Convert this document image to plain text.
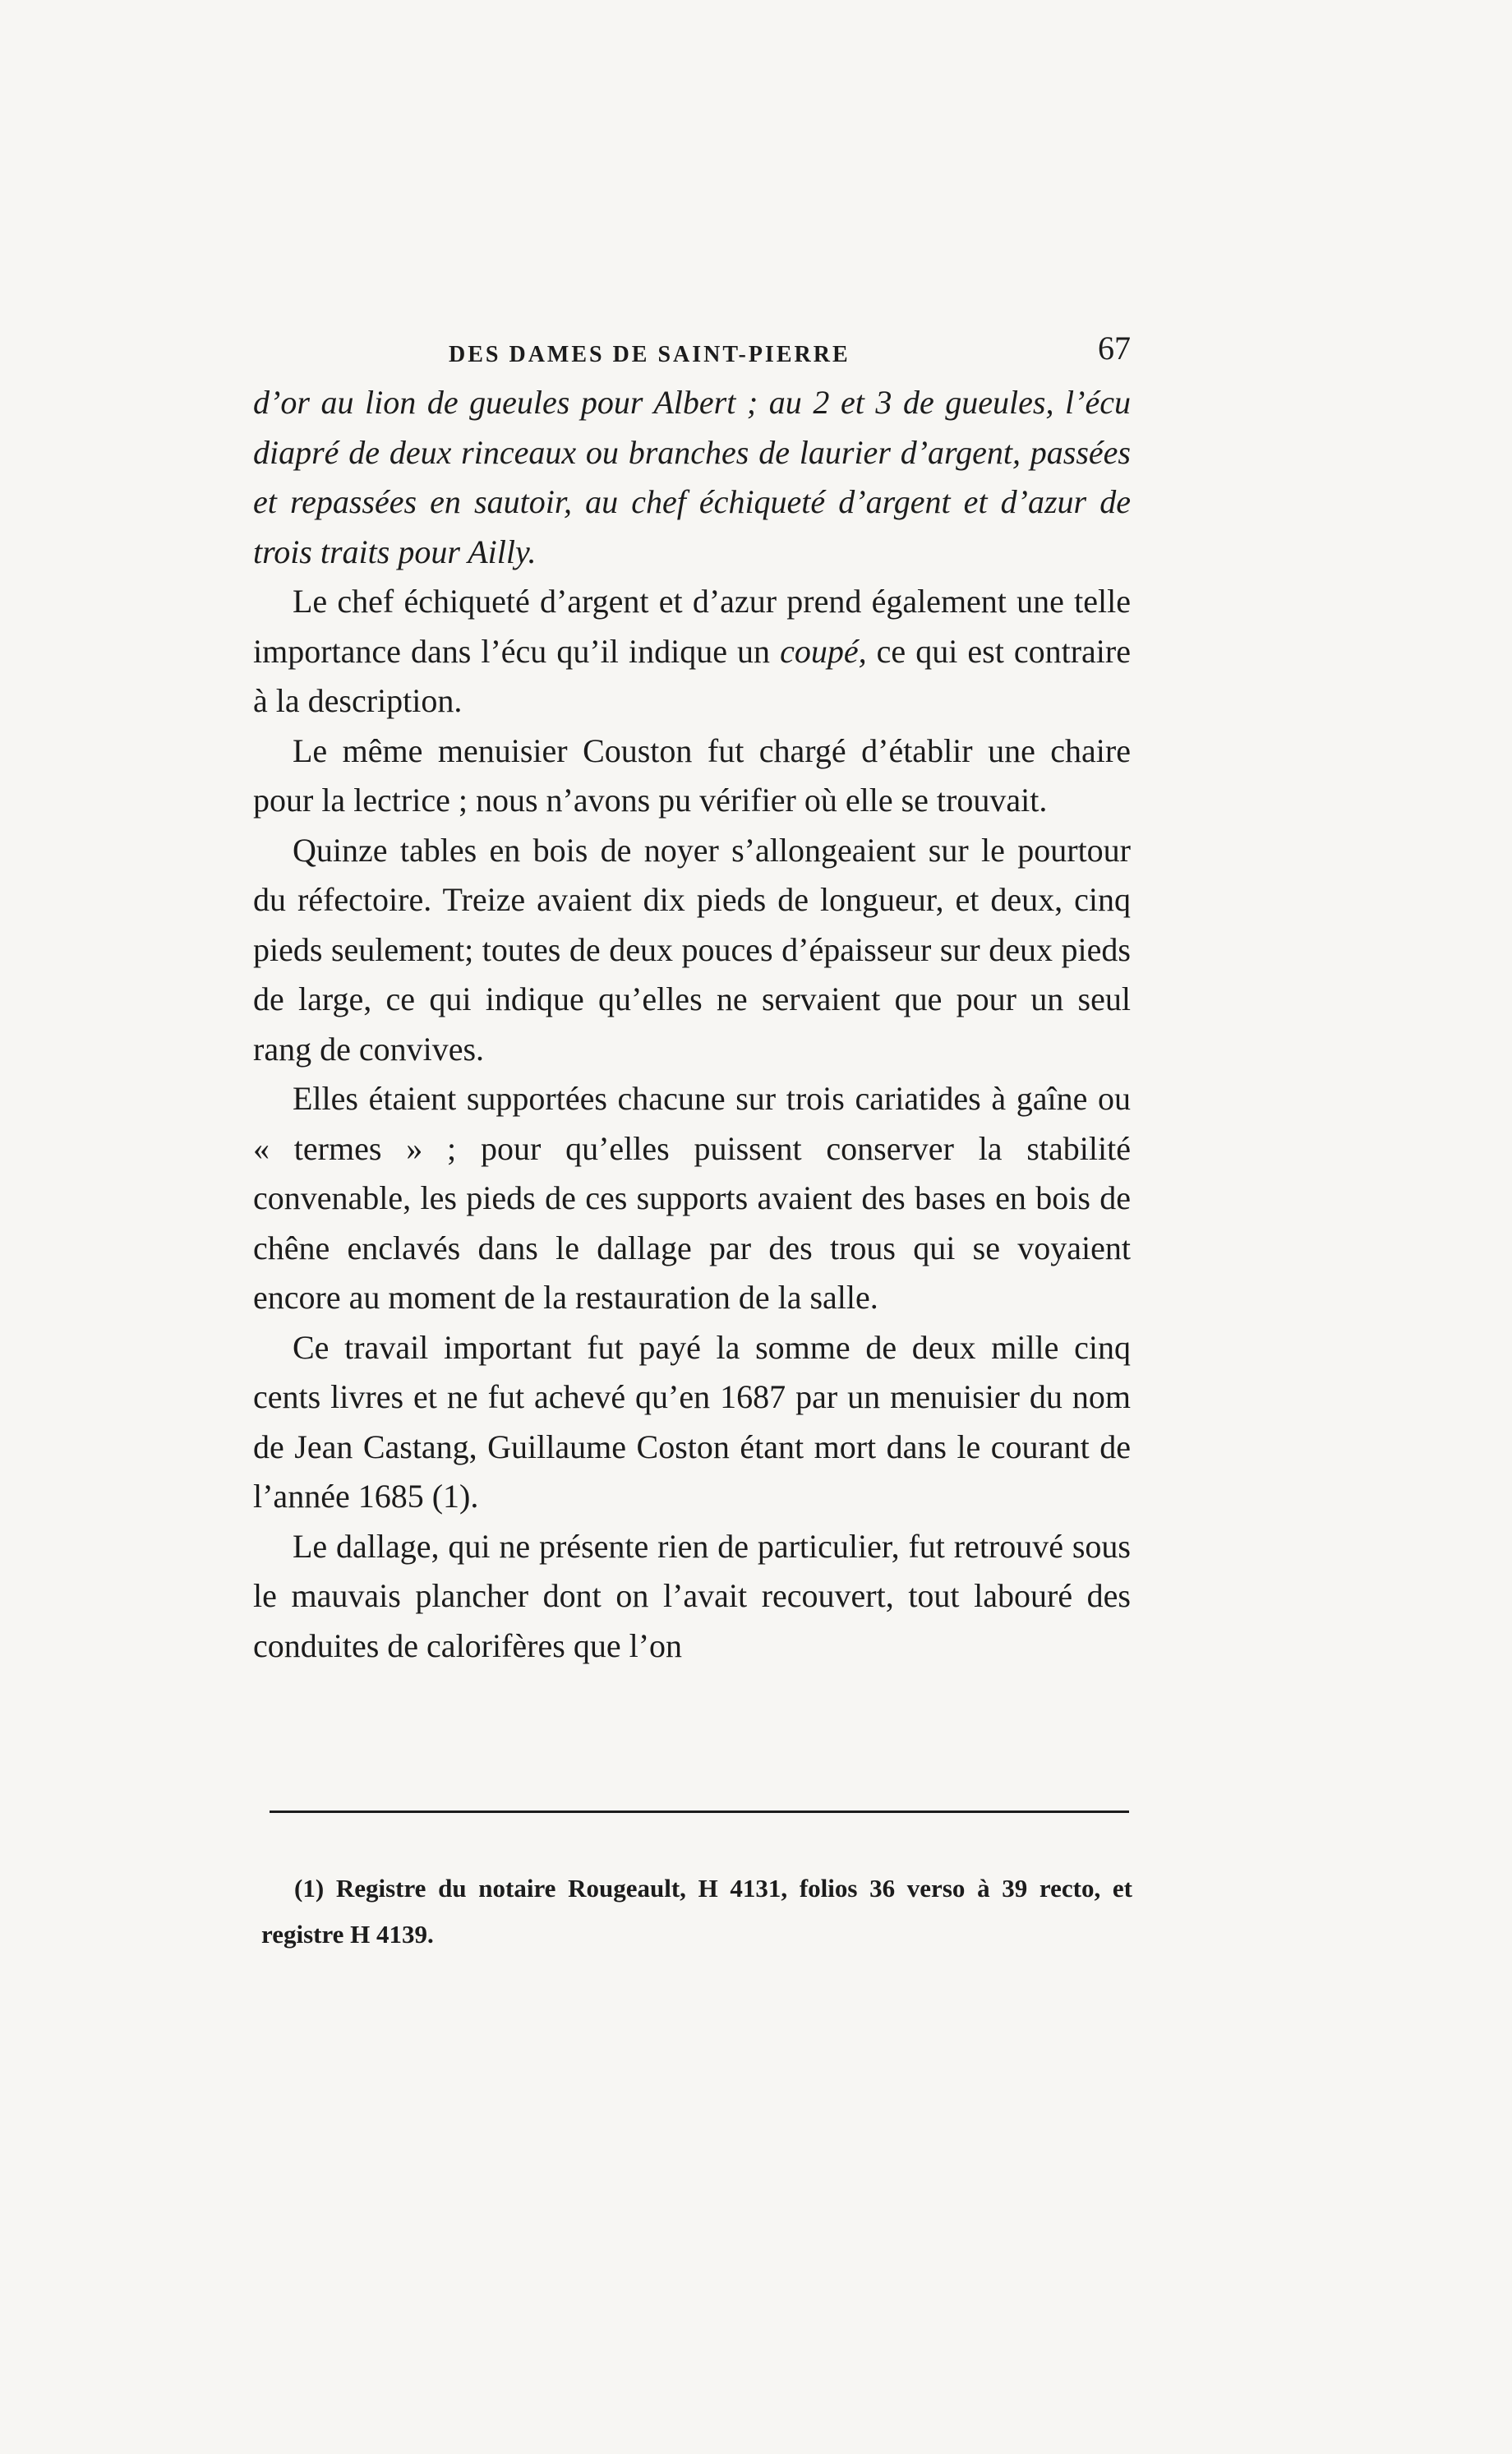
DES DAMES DE SAINT-PIERRE	67

d’or au lion de gueules pour Albert ; au 2 et 3 de gueules, l’écu diapré de deux rinceaux ou branches de laurier d’argent, passées et repassées en sautoir, au chef échiqueté d’argent et d’azur de trois traits pour Ailly.

Le chef échiqueté d’argent et d’azur prend également une telle importance dans l’écu qu’il indique un coupé, ce qui est contraire à la description.

Le même menuisier Couston fut chargé d’établir une chaire pour la lectrice ; nous n’avons pu vérifier où elle se trouvait.

Quinze tables en bois de noyer s’allongeaient sur le pourtour du réfectoire. Treize avaient dix pieds de longueur, et deux, cinq pieds seulement; toutes de deux pouces d’épaisseur sur deux pieds de large, ce qui indique qu’elles ne servaient que pour un seul rang de convives.

Elles étaient supportées chacune sur trois cariatides à gaîne ou « termes » ; pour qu’elles puissent conserver la stabilité convenable, les pieds de ces supports avaient des bases en bois de chêne enclavés dans le dallage par des trous qui se voyaient encore au moment de la restauration de la salle.

Ce travail important fut payé la somme de deux mille cinq cents livres et ne fut achevé qu’en 1687 par un menuisier du nom de Jean Castang, Guillaume Coston étant mort dans le courant de l’année 1685 (1).

Le dallage, qui ne présente rien de particulier, fut retrouvé sous le mauvais plancher dont on l’avait recouvert, tout labouré des conduites de calorifères que l’on

(1) Registre du notaire Rougeault, H 4131, folios 36 verso à 39 recto, et registre H 4139.
